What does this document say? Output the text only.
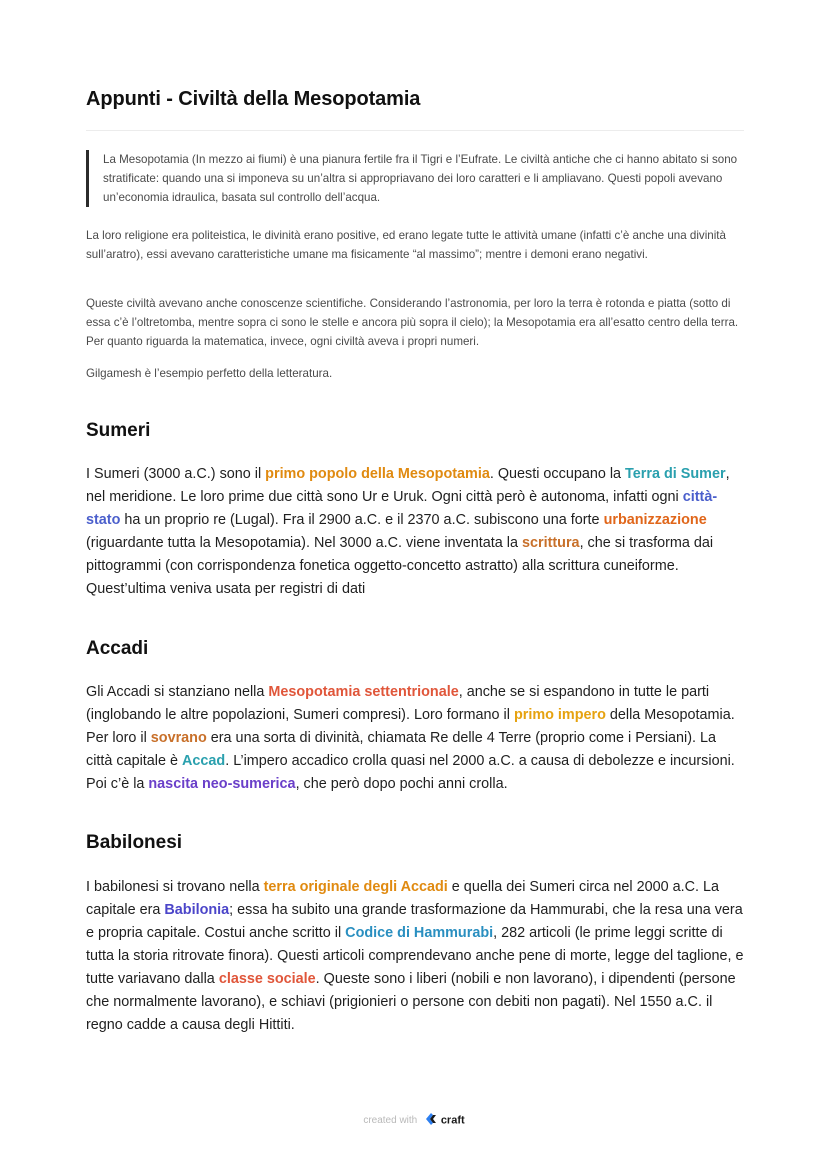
Appunti - Civiltà della Mesopotamia
La Mesopotamia (In mezzo ai fiumi) è una pianura fertile fra il Tigri e l’Eufrate. Le civiltà antiche che ci hanno abitato si sono stratificate: quando una si imponeva su un’altra si appropriavano dei loro caratteri e li ampliavano. Questi popoli avevano un’economia idraulica, basata sul controllo dell’acqua.

La loro religione era politeistica, le divinità erano positive, ed erano legate tutte le attività umane (infatti c’è anche una divinità sull’aratro), essi avevano caratteristiche umane ma fisicamente “al massimo”; mentre i demoni erano negativi.

Queste civiltà avevano anche conoscenze scientifiche. Considerando l’astronomia, per loro la terra è rotonda e piatta (sotto di essa c’è l’oltretomba, mentre sopra ci sono le stelle e ancora più sopra il cielo); la Mesopotamia era all’esatto centro della terra. Per quanto riguarda la matematica, invece, ogni civiltà aveva i propri numeri.

Gilgamesh è l’esempio perfetto della letteratura.

Sumeri

I Sumeri (3000 a.C.) sono il primo popolo della Mesopotamia. Questi occupano la Terra di Sumer, nel meridione. Le loro prime due città sono Ur e Uruk. Ogni città però è autonoma, infatti ogni città-stato ha un proprio re (Lugal). Fra il 2900 a.C. e il 2370 a.C. subiscono una forte urbanizzazione (riguardante tutta la Mesopotamia). Nel 3000 a.C. viene inventata la scrittura, che si trasforma dai pittogrammi (con corrispondenza fonetica oggetto-concetto astratto) alla scrittura cuneiforme. Quest’ultima veniva usata per registri di dati

Accadi

Gli Accadi si stanziano nella Mesopotamia settentrionale, anche se si espandono in tutte le parti (inglobando le altre popolazioni, Sumeri compresi). Loro formano il primo impero della Mesopotamia. Per loro il sovrano era una sorta di divinità, chiamata Re delle 4 Terre (proprio come i Persiani). La città capitale è Accad. L’impero accadico crolla quasi nel 2000 a.C. a causa di debolezze e incursioni. Poi c’è la nascita neo-sumerica, che però dopo pochi anni crolla.

Babilonesi

I babilonesi si trovano nella terra originale degli Accadi e quella dei Sumeri circa nel 2000 a.C. La capitale era Babilonia; essa ha subito una grande trasformazione da Hammurabi, che la resa una vera e propria capitale. Costui anche scritto il Codice di Hammurabi, 282 articoli (le prime leggi scritte di tutta la storia ritrovate finora). Questi articoli comprendevano anche pene di morte, legge del taglione, e tutte variavano dalla classe sociale. Queste sono i liberi (nobili e non lavorano), i dipendenti (persone che normalmente lavorano), e schiavi (prigionieri o persone con debiti non pagati). Nel 1550 a.C. il regno cadde a causa degli Hittiti.

created with craft
